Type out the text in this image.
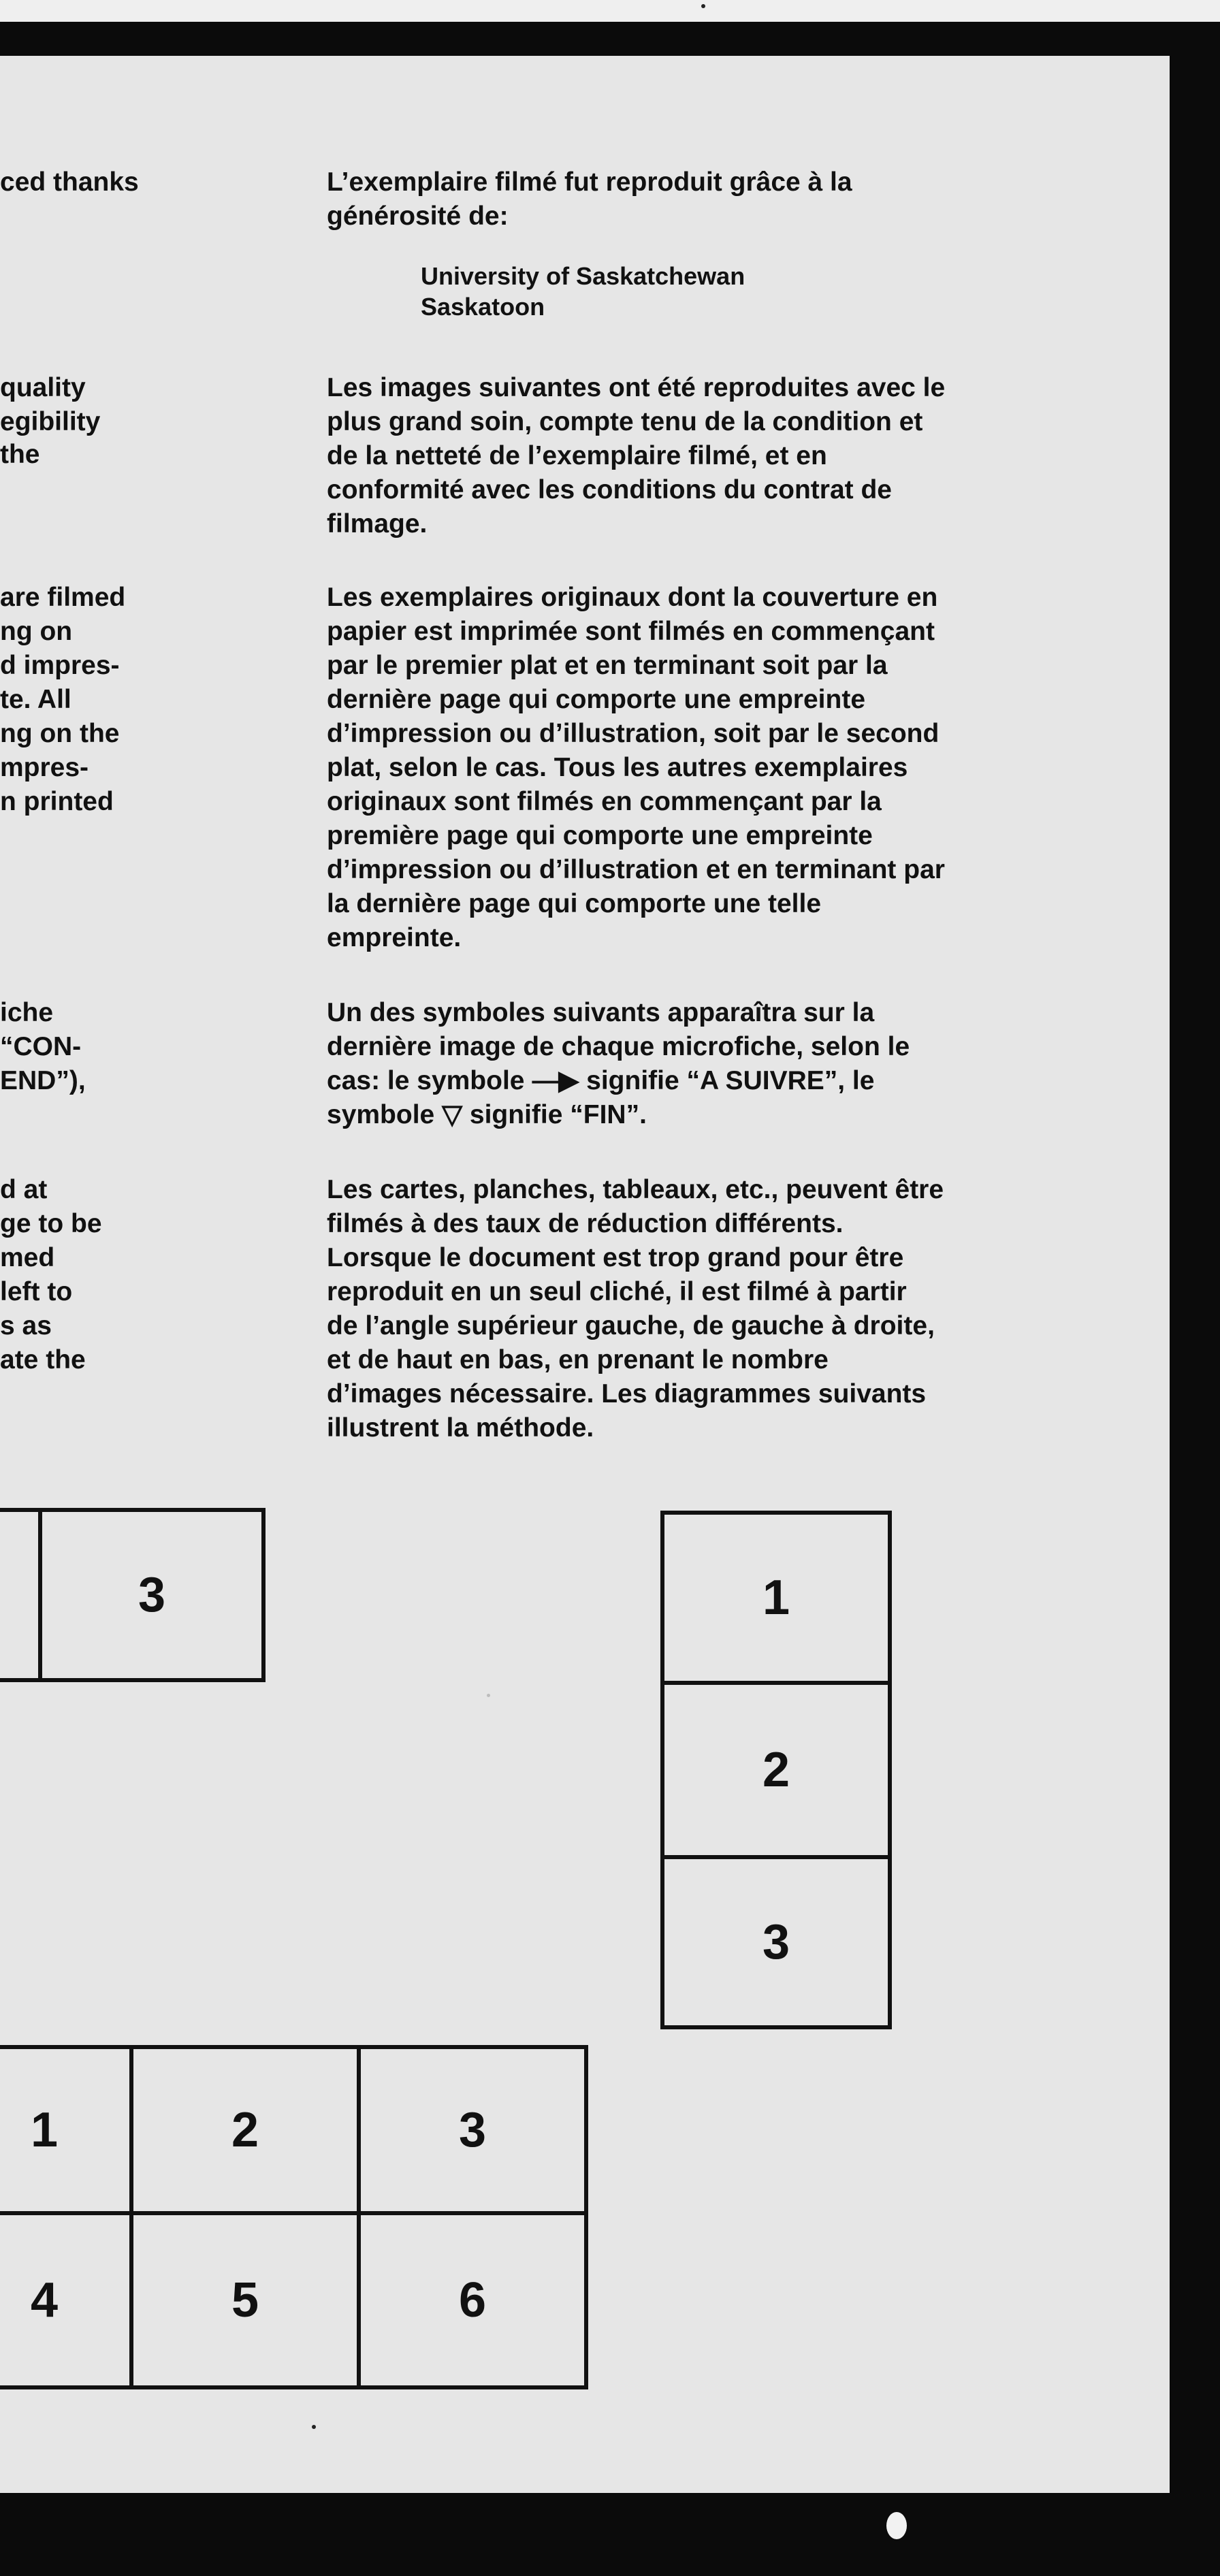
ced thanks
quality
egibility
the
are filmed
ng on
d impres-
te. All
ng on the
mpres-
n printed
iche
“CON-
END”),
d at
ge to be
med
left to
s as
ate the
L’exemplaire filmé fut reproduit grâce à la
générosité de:
University of Saskatchewan
Saskatoon
Les images suivantes ont été reproduites avec le
plus grand soin, compte tenu de la condition et
de la netteté de l’exemplaire filmé, et en
conformité avec les conditions du contrat de
filmage.
Les exemplaires originaux dont la couverture en
papier est imprimée sont filmés en commençant
par le premier plat et en terminant soit par la
dernière page qui comporte une empreinte
d’impression ou d’illustration, soit par le second
plat, selon le cas. Tous les autres exemplaires
originaux sont filmés en commençant par la
première page qui comporte une empreinte
d’impression ou d’illustration et en terminant par
la dernière page qui comporte une telle
empreinte.
Un des symboles suivants apparaîtra sur la
dernière image de chaque microfiche, selon le
cas: le symbole —▶ signifie “A SUIVRE”, le
symbole ▽ signifie “FIN”.
Les cartes, planches, tableaux, etc., peuvent être
filmés à des taux de réduction différents.
Lorsque le document est trop grand pour être
reproduit en un seul cliché, il est filmé à partir
de l’angle supérieur gauche, de gauche à droite,
et de haut en bas, en prenant le nombre
d’images nécessaire. Les diagrammes suivants
illustrent la méthode.
3	1
2
3
1	2	3
4	5	6
